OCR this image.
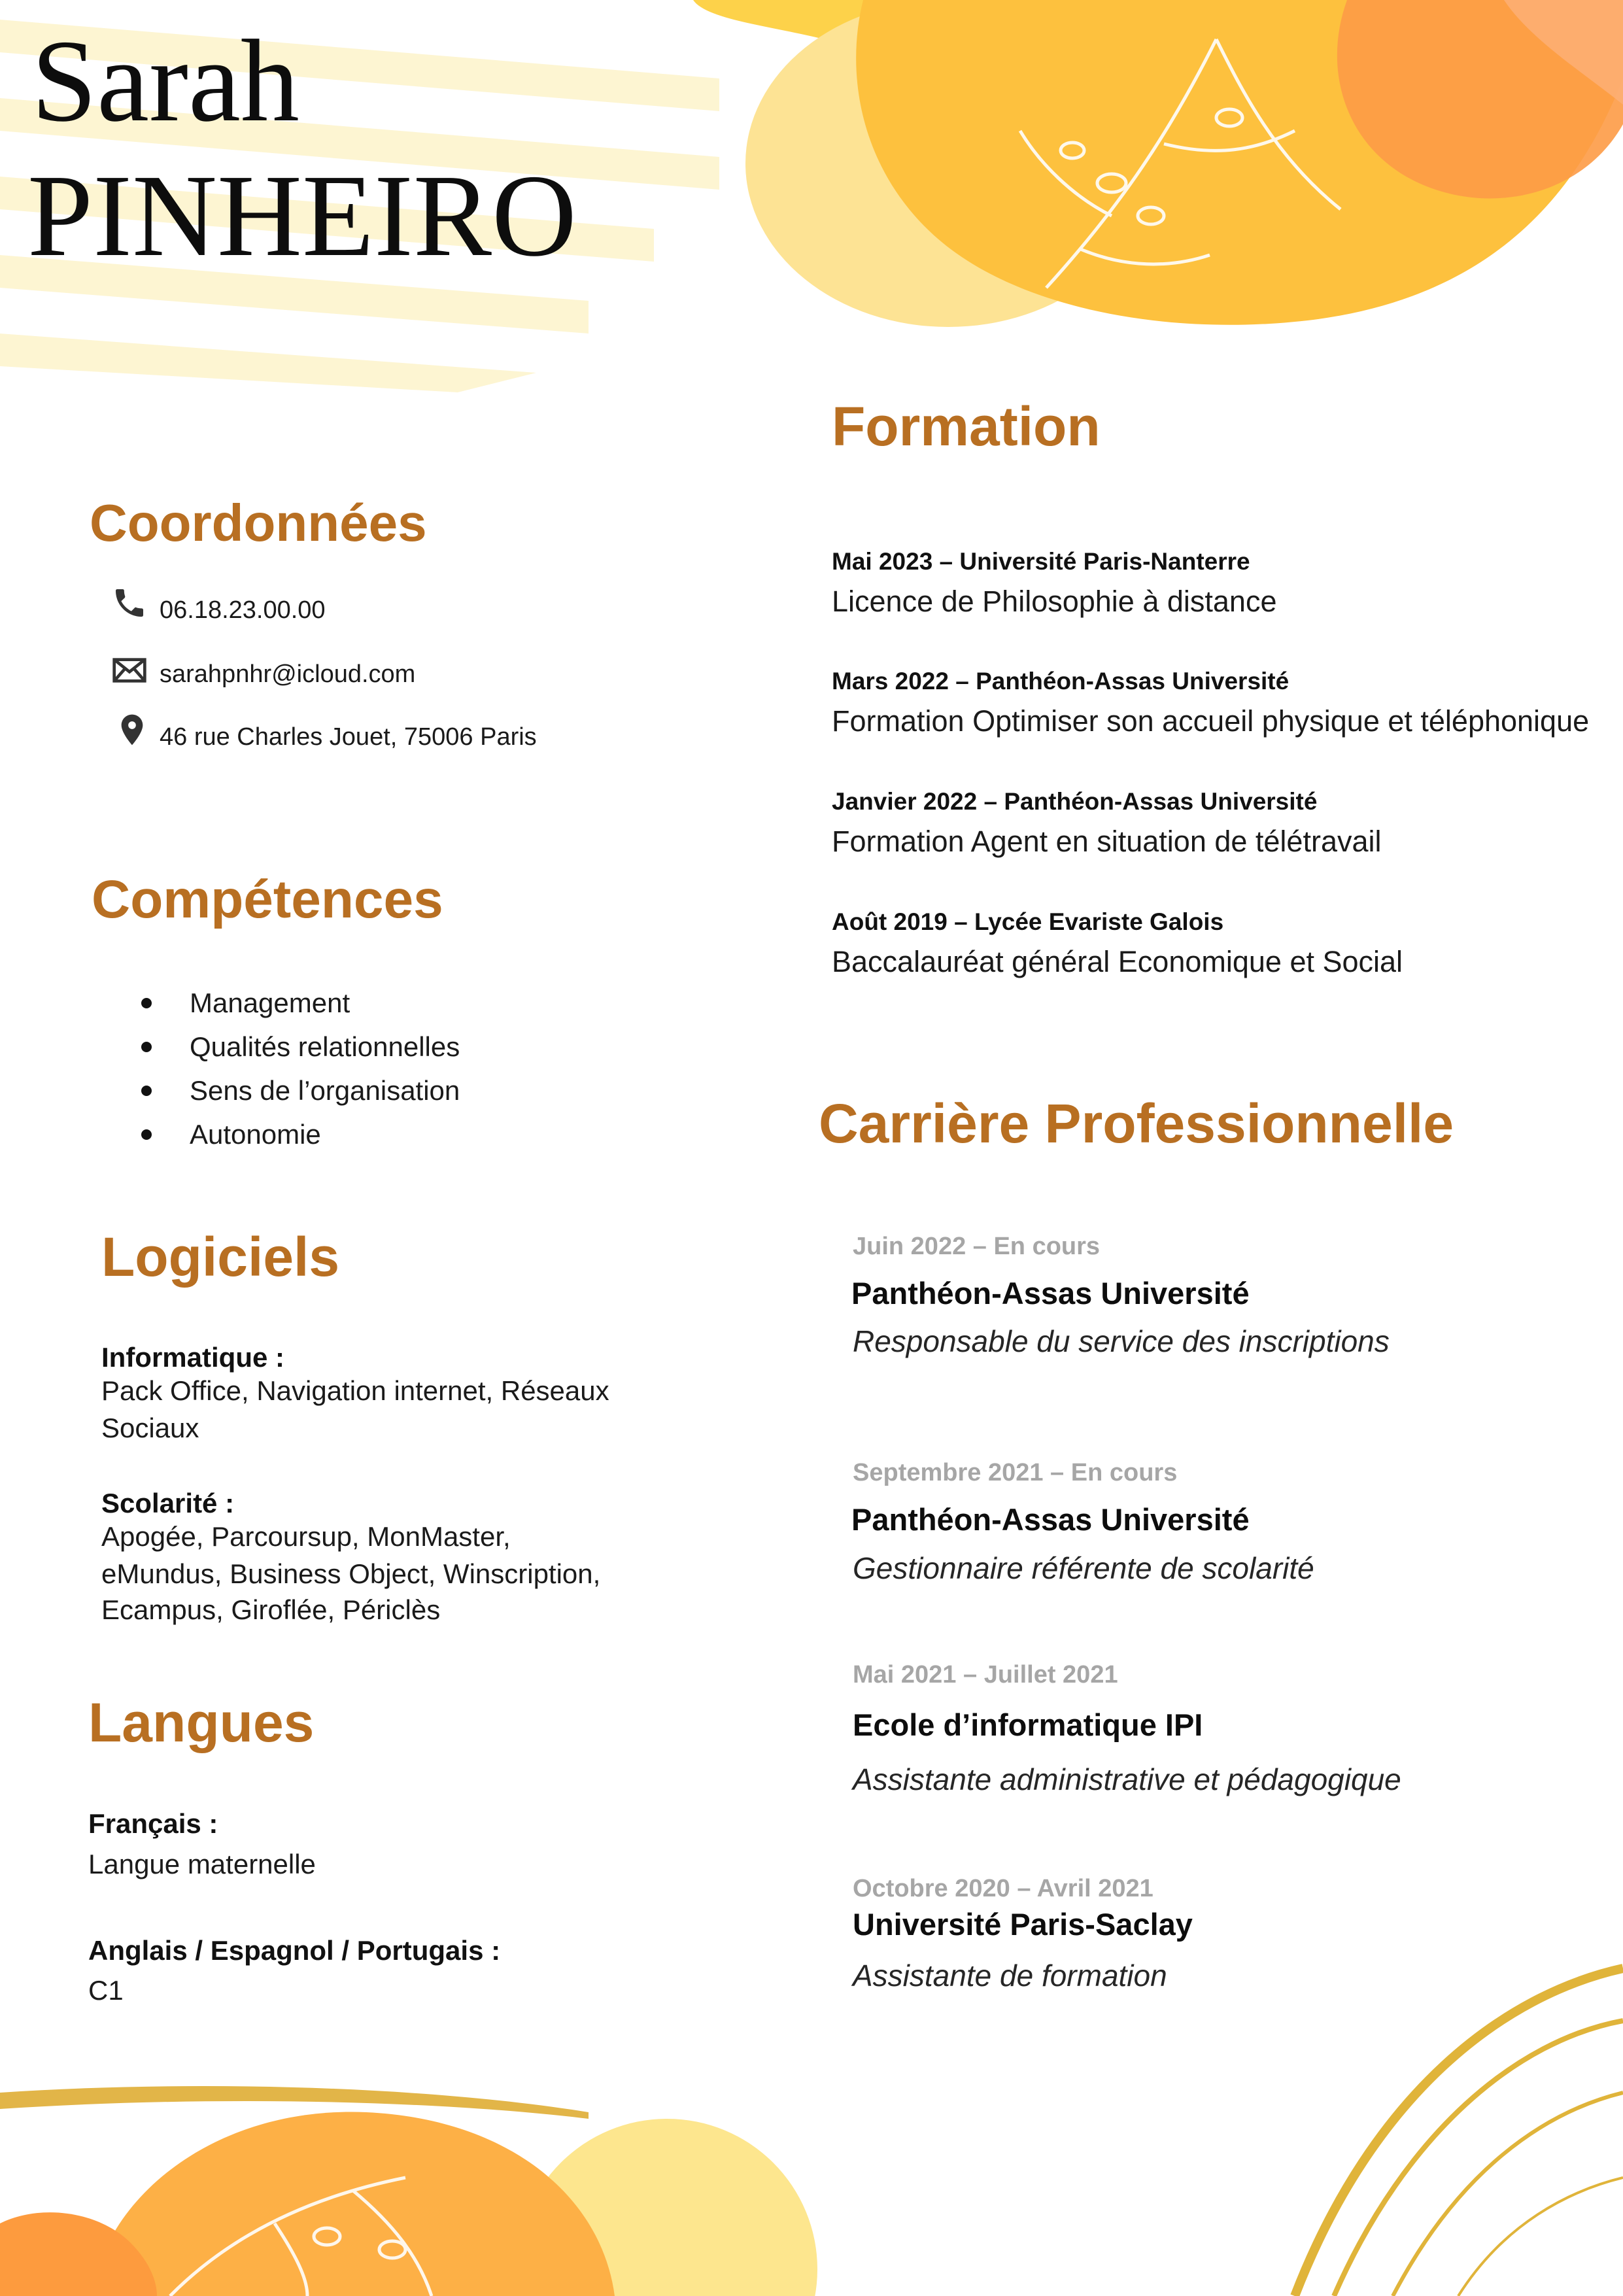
Sarah
PINHEIRO
Coordonnées
06.18.23.00.00
sarahpnhr@icloud.com
46 rue Charles Jouet, 75006 Paris
Compétences
Management
Qualités relationnelles
Sens de l’organisation
Autonomie
Logiciels
Informatique :
Pack Office, Navigation internet, Réseaux
Sociaux
Scolarité :
Apogée, Parcoursup, MonMaster,
eMundus, Business Object, Winscription,
Ecampus, Giroflée, Périclès
Langues
Français :
Langue maternelle
Anglais / Espagnol / Portugais :
C1
Formation
Mai 2023 – Université Paris-Nanterre
Licence de Philosophie à distance
Mars 2022 – Panthéon-Assas Université
Formation Optimiser son accueil physique et téléphonique
Janvier 2022 – Panthéon-Assas Université
Formation Agent en situation de télétravail
Août 2019 – Lycée Evariste Galois
Baccalauréat général Economique et Social
Carrière Professionnelle
Juin 2022 – En cours
Panthéon-Assas Université
Responsable du service des inscriptions
Septembre 2021 – En cours
Panthéon-Assas Université
Gestionnaire référente de scolarité
Mai 2021 – Juillet 2021
Ecole d’informatique IPI
Assistante administrative et pédagogique
Octobre 2020 – Avril 2021
Université Paris-Saclay
Assistante de formation
